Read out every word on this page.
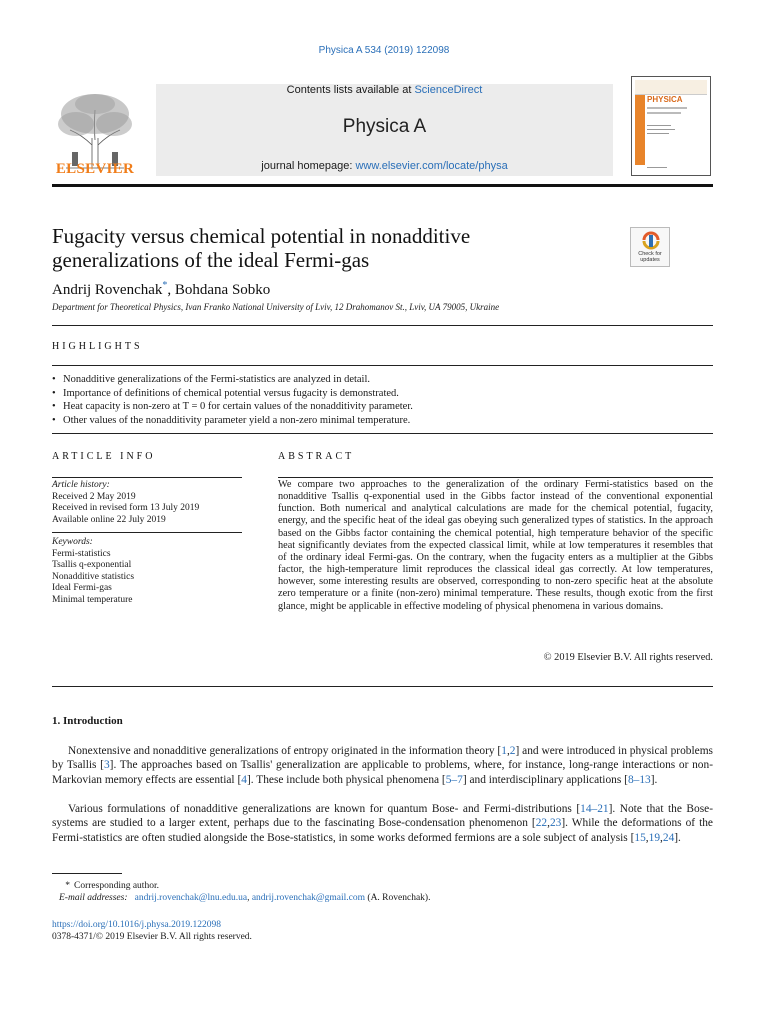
Physica A 534 (2019) 122098
ELSEVIER
Contents lists available at ScienceDirect
Physica A
journal homepage: www.elsevier.com/locate/physa
PHYSICA
Fugacity versus chemical potential in nonadditive
generalizations of the ideal Fermi-gas	Check for
updates
Andrij Rovenchak*, Bohdana Sobko
Department for Theoretical Physics, Ivan Franko National University of Lviv, 12 Drahomanov St., Lviv, UA 79005, Ukraine
HIGHLIGHTS
• Nonadditive generalizations of the Fermi-statistics are analyzed in detail.
• Importance of definitions of chemical potential versus fugacity is demonstrated.
• Heat capacity is non-zero at T = 0 for certain values of the nonadditivity parameter.
• Other values of the nonadditivity parameter yield a non-zero minimal temperature.
ARTICLE INFO
Article history:
Received 2 May 2019
Received in revised form 13 July 2019
Available online 22 July 2019
Keywords:
Fermi-statistics
Tsallis q-exponential
Nonadditive statistics
Ideal Fermi-gas
Minimal temperature
ABSTRACT
We compare two approaches to the generalization of the ordinary Fermi-statistics based on the nonadditive Tsallis q-exponential used in the Gibbs factor instead of the conventional exponential function. Both numerical and analytical calculations are made for the chemical potential, fugacity, energy, and the specific heat of the ideal gas obeying such generalized types of statistics. In the approach based on the Gibbs factor containing the chemical potential, high temperature behavior of the specific heat significantly deviates from the expected classical limit, while at low temperatures it resembles that of the ordinary ideal Fermi-gas. On the contrary, when the fugacity enters as a multiplier at the Gibbs factor, the high-temperature limit reproduces the classical ideal gas correctly. At low temperatures, however, some interesting results are observed, corresponding to non-zero specific heat at the absolute zero temperature or a finite (non-zero) minimal temperature. These results, though exotic from the first glance, might be applicable in effective modeling of physical phenomena in various domains.
© 2019 Elsevier B.V. All rights reserved.
1. Introduction
Nonextensive and nonadditive generalizations of entropy originated in the information theory [1,2] and were introduced in physical problems by Tsallis [3]. The approaches based on Tsallis' generalization are applicable to problems, where, for instance, long-range interactions or non-Markovian memory effects are essential [4]. These include both physical phenomena [5–7] and interdisciplinary applications [8–13].
Various formulations of nonadditive generalizations are known for quantum Bose- and Fermi-distributions [14–21]. Note that the Bose-systems are studied to a larger extent, perhaps due to the fascinating Bose-condensation phenomenon [22,23]. While the deformations of the Fermi-statistics are often studied alongside the Bose-statistics, in some works deformed fermions are a sole subject of analysis [15,19,24].
* Corresponding author.
E-mail addresses: andrij.rovenchak@lnu.edu.ua, andrij.rovenchak@gmail.com (A. Rovenchak).
https://doi.org/10.1016/j.physa.2019.122098
0378-4371/© 2019 Elsevier B.V. All rights reserved.
